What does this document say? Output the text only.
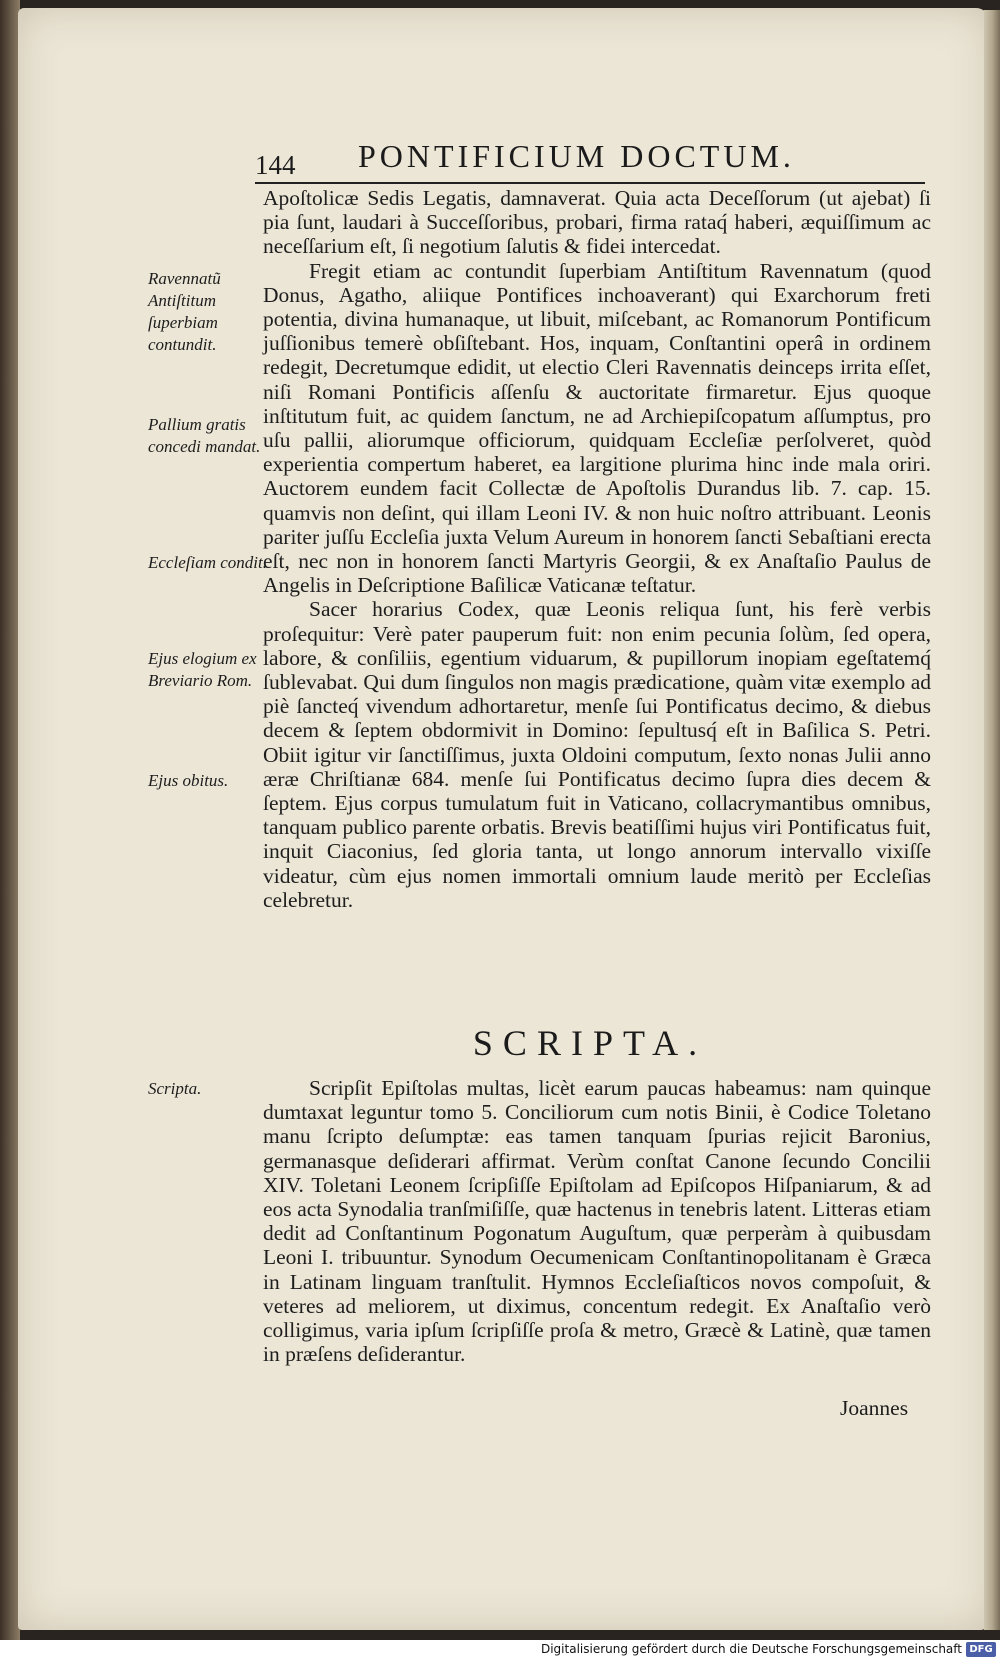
144 PONTIFICIUM DOCTUM.
Ravennatũ Antiſtitum ſuperbiam contundit.
Pallium gratis concedi mandat.
Eccleſiam condit.
Ejus elogium ex Breviario Rom.
Ejus obitus.
Scripta.

Apoſtolicæ Sedis Legatis, damnaverat. Quia acta Deceſſorum (ut ajebat) ſi pia ſunt, laudari à Succeſſoribus, probari, firma rataq́ haberi, æquiſſimum ac neceſſarium eſt, ſi negotium ſalutis & fidei intercedat.

Fregit etiam ac contundit ſuperbiam Antiſtitum Ravennatum (quod Donus, Agatho, aliique Pontifices inchoaverant) qui Exarchorum freti potentia, divina humanaque, ut libuit, miſcebant, ac Romanorum Pontificum juſſionibus temerè obſiſtebant. Hos, inquam, Conſtantini operâ in ordinem redegit, Decretumque edidit, ut electio Cleri Ravennatis deinceps irrita eſſet, niſi Romani Pontificis aſſenſu & auctoritate firmaretur. Ejus quoque inſtitutum fuit, ac quidem ſanctum, ne ad Archiepiſcopatum aſſumptus, pro uſu pallii, aliorumque officiorum, quidquam Eccleſiæ perſolveret, quòd experientia compertum haberet, ea largitione plurima hinc inde mala oriri. Auctorem eundem facit Collectæ de Apoſtolis Durandus lib. 7. cap. 15. quamvis non deſint, qui illam Leoni IV. & non huic noſtro attribuant. Leonis pariter juſſu Eccleſia juxta Velum Aureum in honorem ſancti Sebaſtiani erecta eſt, nec non in honorem ſancti Martyris Georgii, & ex Anaſtaſio Paulus de Angelis in Deſcriptione Baſilicæ Vaticanæ teſtatur.

Sacer horarius Codex, quæ Leonis reliqua ſunt, his ferè verbis proſequitur: Verè pater pauperum fuit: non enim pecunia ſolùm, ſed opera, labore, & conſiliis, egentium viduarum, & pupillorum inopiam egeſtatemq́ ſublevabat. Qui dum ſingulos non magis prædicatione, quàm vitæ exemplo ad piè ſancteq́ vivendum adhortaretur, menſe ſui Pontificatus decimo, & diebus decem & ſeptem obdormivit in Domino: ſepultusq́ eſt in Baſilica S. Petri. Obiit igitur vir ſanctiſſimus, juxta Oldoini computum, ſexto nonas Julii anno æræ Chriſtianæ 684. menſe ſui Pontificatus decimo ſupra dies decem & ſeptem. Ejus corpus tumulatum fuit in Vaticano, collacrymantibus omnibus, tanquam publico parente orbatis. Brevis beatiſſimi hujus viri Pontificatus fuit, inquit Ciaconius, ſed gloria tanta, ut longo annorum intervallo vixiſſe videatur, cùm ejus nomen immortali omnium laude meritò per Eccleſias celebretur.

SCRIPTA.

Scripſit Epiſtolas multas, licèt earum paucas habeamus: nam quinque dumtaxat leguntur tomo 5. Conciliorum cum notis Binii, è Codice Toletano manu ſcripto deſumptæ: eas tamen tanquam ſpurias rejicit Baronius, germanasque deſiderari affirmat. Verùm conſtat Canone ſecundo Concilii XIV. Toletani Leonem ſcripſiſſe Epiſtolam ad Epiſcopos Hiſpaniarum, & ad eos acta Synodalia tranſmiſiſſe, quæ hactenus in tenebris latent. Litteras etiam dedit ad Conſtantinum Pogonatum Auguſtum, quæ perperàm à quibusdam Leoni I. tribuuntur. Synodum Oecumenicam Conſtantinopolitanam è Græca in Latinam linguam tranſtulit. Hymnos Eccleſiaſticos novos compoſuit, & veteres ad meliorem, ut diximus, concentum redegit. Ex Anaſtaſio verò colligimus, varia ipſum ſcripſiſſe proſa & metro, Græcè & Latinè, quæ tamen in præſens deſiderantur.

Joannes
Digitalisierung gefördert durch die Deutsche Forschungsgemeinschaft DFG
